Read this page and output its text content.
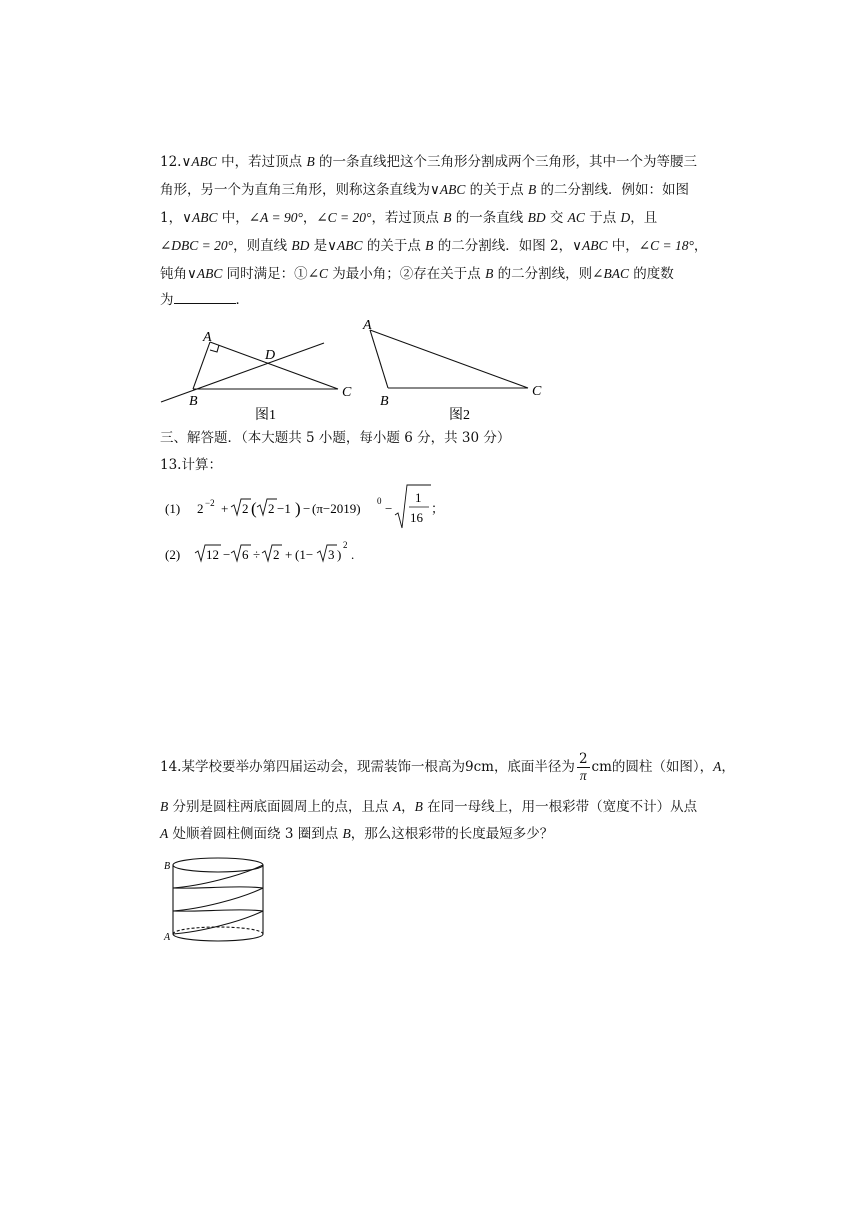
12.∨ABC 中，若过顶点 B 的一条直线把这个三角形分割成两个三角形，其中一个为等腰三
角形，另一个为直角三角形，则称这条直线为∨ABC 的关于点 B 的二分割线．例如：如图
1，∨ABC 中，∠A = 90°，∠C = 20°，若过顶点 B 的一条直线 BD 交 AC 于点 D，且
∠DBC = 20°，则直线 BD 是∨ABC 的关于点 B 的二分割线．如图 2，∨ABC 中，∠C = 18°，
钝角∨ABC 同时满足：①∠C 为最小角；②存在关于点 B 的二分割线，则∠BAC 的度数
为	．
A
D
B
C
图1
A
B
C
图2
三、解答题．（本大题共 5 小题，每小题 6 分，共 30 分）
13.计算：
(1) 2 −2 + 2 ( 2 −1 ) − (π−2019) 0 −
1
16
；
(2) 12 − 6 ÷ 2 + (1− 3 )
2
.
14.某学校要举办第四届运动会，现需装饰一根高为9cm，底面半径为 $\frac{2}{\pi}$ cm的圆柱（如图），A，
B 分别是圆柱两底面圆周上的点，且点 A，B 在同一母线上，用一根彩带（宽度不计）从点
A 处顺着圆柱侧面绕 3 圈到点 B，那么这根彩带的长度最短多少？
B
A
